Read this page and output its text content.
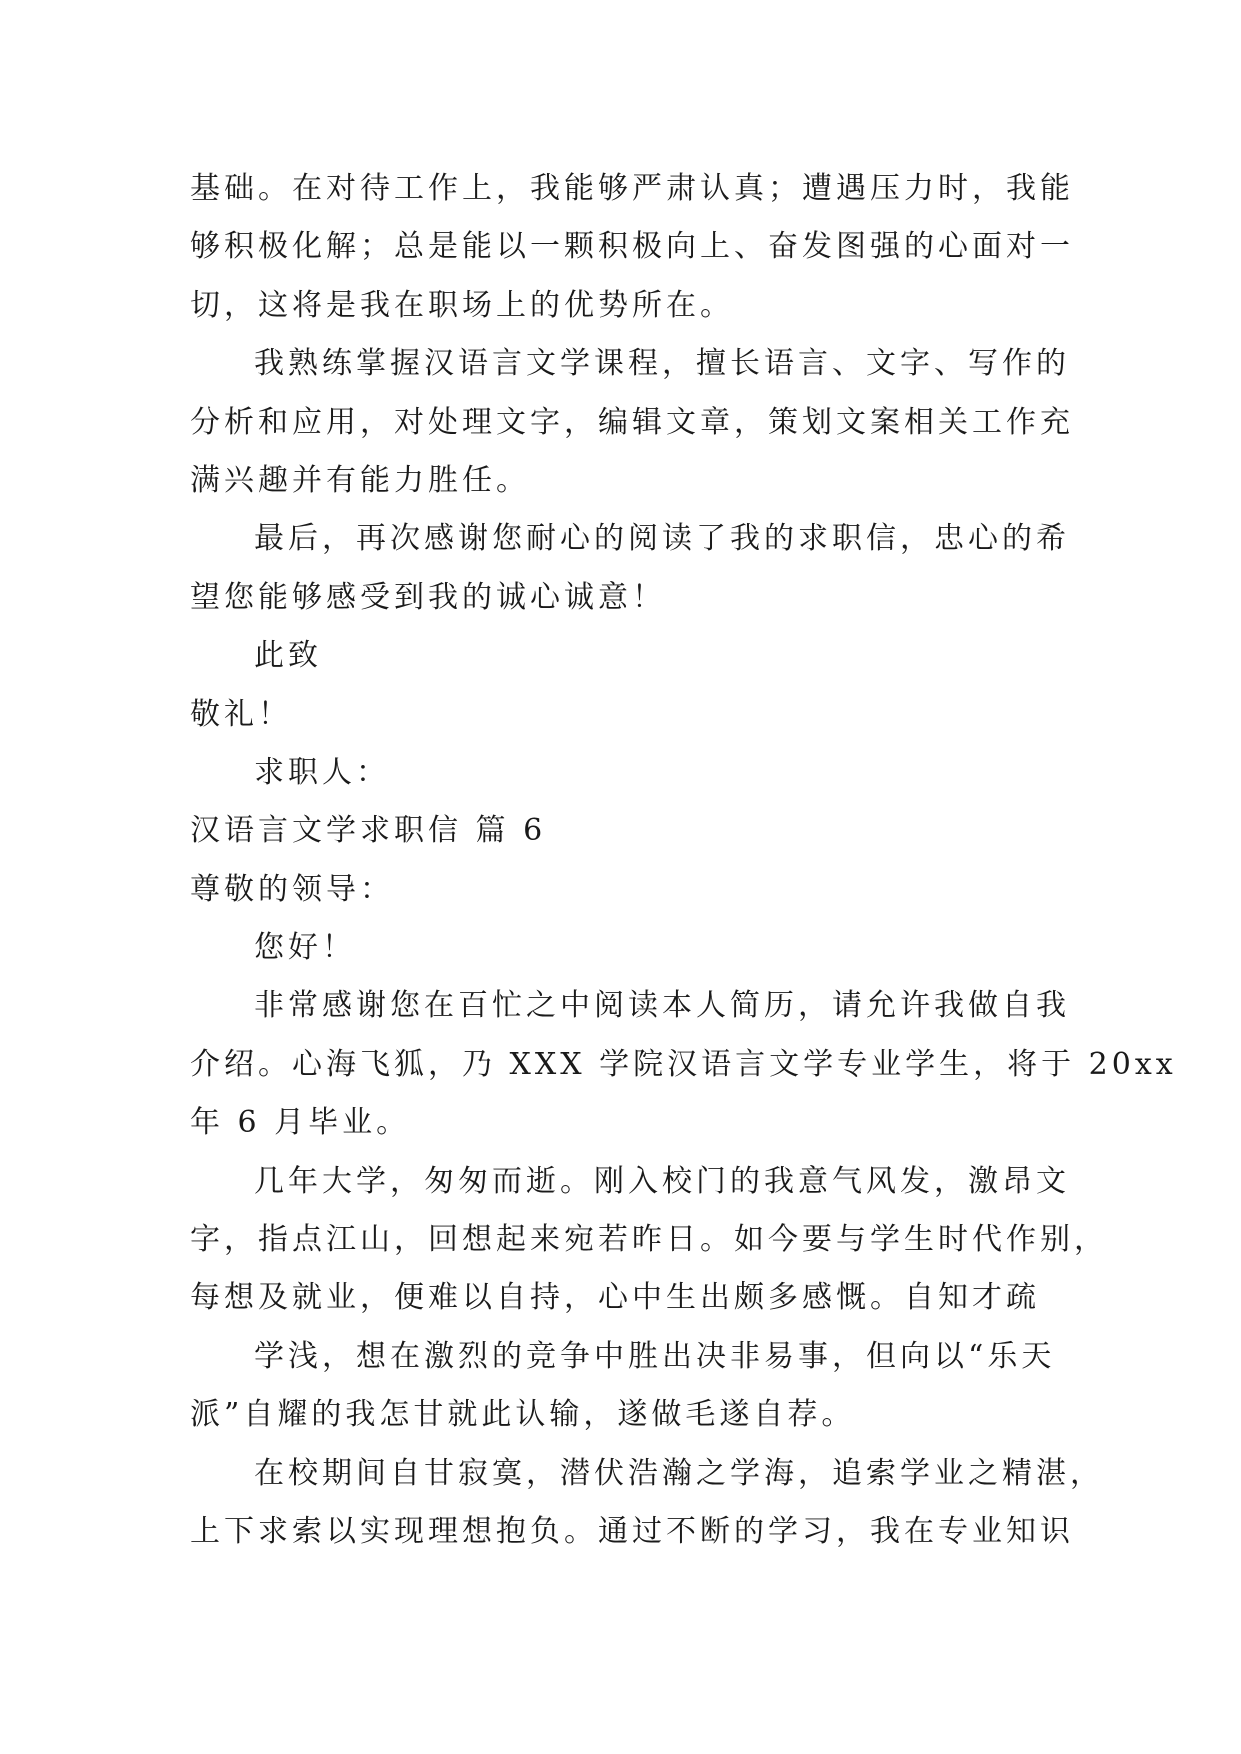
基础。在对待工作上，我能够严肃认真；遭遇压力时，我能
够积极化解；总是能以一颗积极向上、奋发图强的心面对一
切，这将是我在职场上的优势所在。
我熟练掌握汉语言文学课程，擅长语言、文字、写作的
分析和应用，对处理文字，编辑文章，策划文案相关工作充
满兴趣并有能力胜任。
最后，再次感谢您耐心的阅读了我的求职信，忠心的希
望您能够感受到我的诚心诚意！
此致
敬礼！
求职人：
汉语言文学求职信 篇 6
尊敬的领导：
您好！
非常感谢您在百忙之中阅读本人简历，请允许我做自我
介绍。心海飞狐，乃 XXX 学院汉语言文学专业学生，将于 20xx
年 6 月毕业。
几年大学，匆匆而逝。刚入校门的我意气风发，激昂文
字，指点江山，回想起来宛若昨日。如今要与学生时代作别，
每想及就业，便难以自持，心中生出颇多感慨。自知才疏
学浅，想在激烈的竞争中胜出决非易事，但向以“乐天
派”自耀的我怎甘就此认输，遂做毛遂自荐。
在校期间自甘寂寞，潜伏浩瀚之学海，追索学业之精湛，
上下求索以实现理想抱负。通过不断的学习，我在专业知识
